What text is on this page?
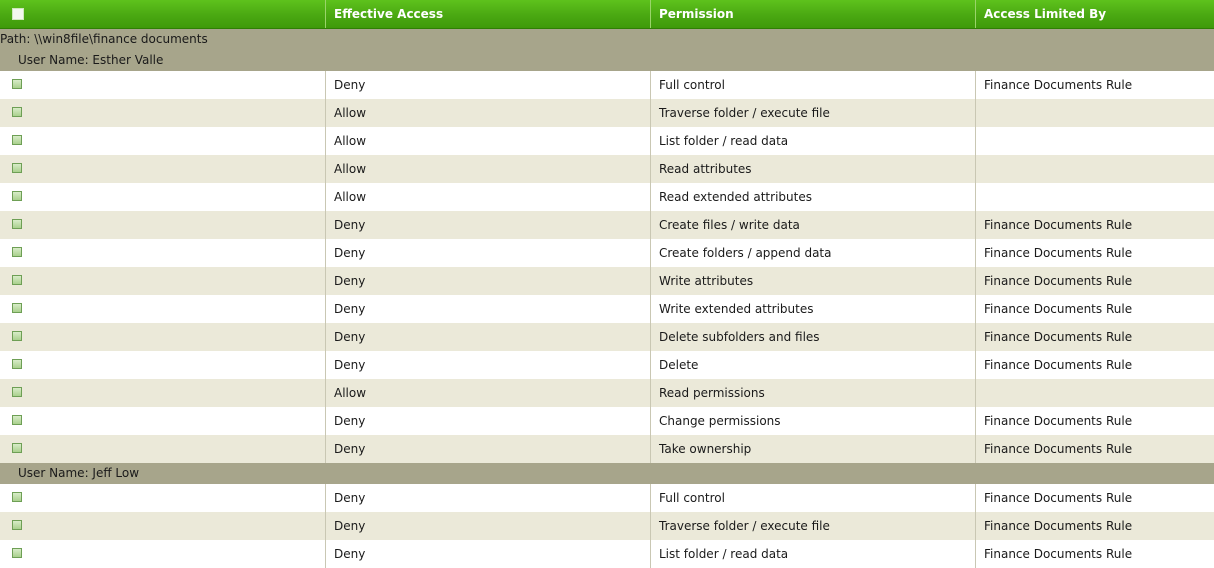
Effective Access	Permission	Access Limited By
Path: \\win8file\finance documents
User Name: Esther Valle
Deny	Full control	Finance Documents Rule
Allow	Traverse folder / execute file
Allow	List folder / read data
Allow	Read attributes
Allow	Read extended attributes
Deny	Create files / write data	Finance Documents Rule
Deny	Create folders / append data	Finance Documents Rule
Deny	Write attributes	Finance Documents Rule
Deny	Write extended attributes	Finance Documents Rule
Deny	Delete subfolders and files	Finance Documents Rule
Deny	Delete	Finance Documents Rule
Allow	Read permissions
Deny	Change permissions	Finance Documents Rule
Deny	Take ownership	Finance Documents Rule
User Name: Jeff Low
Deny	Full control	Finance Documents Rule
Deny	Traverse folder / execute file	Finance Documents Rule
Deny	List folder / read data	Finance Documents Rule
